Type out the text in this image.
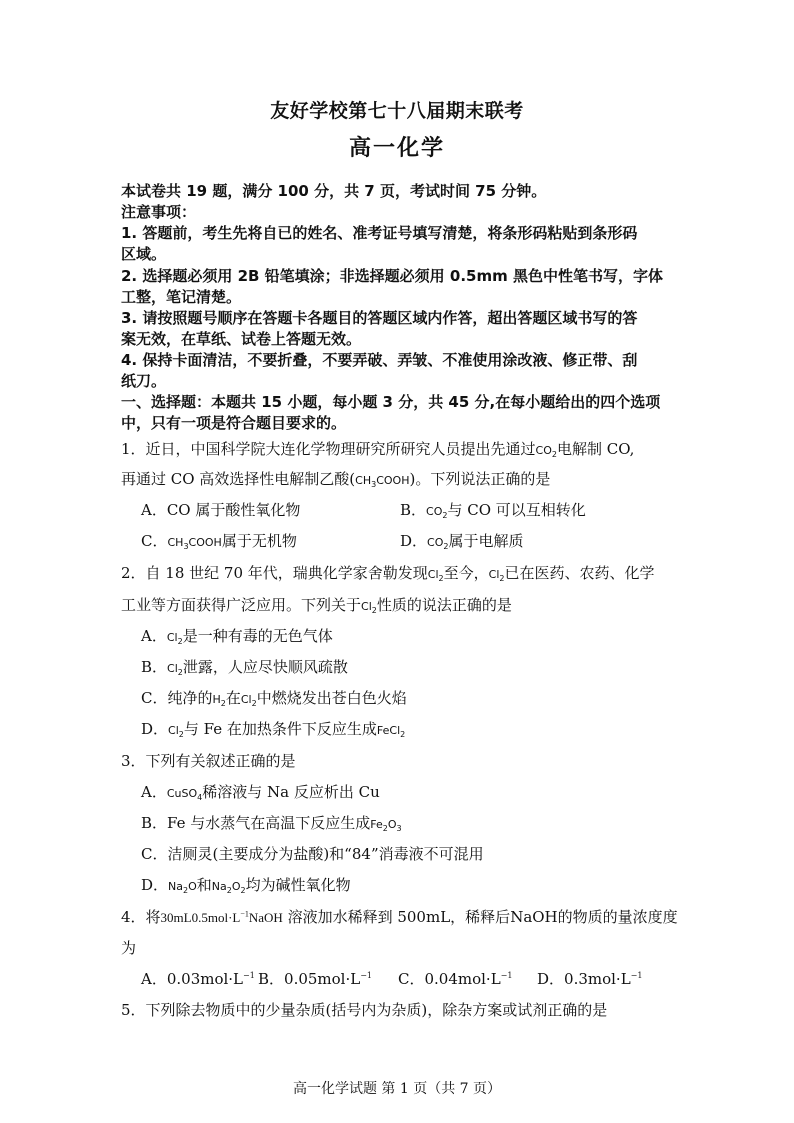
友好学校第七十八届期末联考
高一化学
本试卷共 19 题，满分 100 分，共 7 页，考试时间 75 分钟。
注意事项：
1. 答题前，考生先将自已的姓名、准考证号填写清楚，将条形码粘贴到条形码
区域。
2. 选择题必须用 2B 铅笔填涂；非选择题必须用 0.5mm 黑色中性笔书写，字体
工整，笔记清楚。
3. 请按照题号顺序在答题卡各题目的答题区域内作答，超出答题区域书写的答
案无效，在草纸、试卷上答题无效。
4. 保持卡面清洁，不要折叠，不要弄破、弄皱、不准使用涂改液、修正带、刮
纸刀。
一、选择题：本题共 15 小题，每小题 3 分，共 45 分,在每小题给出的四个选项
中，只有一项是符合题目要求的。
1．近日，中国科学院大连化学物理研究所研究人员提出先通过$CO_2$电解制 CO,
再通过 CO 高效选择性电解制乙酸$(CH_3COOH)$。下列说法正确的是
A．CO 属于酸性氧化物	B．$CO_2$与 CO 可以互相转化
C．$CH_3COOH$属于无机物	D．$CO_2$属于电解质
2．自 18 世纪 70 年代，瑞典化学家舍勒发现$Cl_2$至今，$Cl_2$已在医药、农药、化学
工业等方面获得广泛应用。下列关于$Cl_2$性质的说法正确的是
A．$Cl_2$是一种有毒的无色气体
B．$Cl_2$泄露，人应尽快顺风疏散
C．纯净的$H_2$在$Cl_2$中燃烧发出苍白色火焰
D．$Cl_2$与 Fe 在加热条件下反应生成FeCl$_2$
3．下列有关叙述正确的是
A．CuSO$_4$稀溶液与 Na 反应析出 Cu
B．Fe 与水蒸气在高温下反应生成$Fe_2O_3$
C．洁厕灵(主要成分为盐酸)和“84”消毒液不可混用
D．$Na_2O$和$Na_2O_2$均为碱性氧化物
4．将$30mL0.5mol\cdot L^{-1}NaOH$ 溶液加水稀释到 500mL，稀释后NaOH的物质的量浓度度
为
A．$0.03mol\cdot L^{-1}$ B．$0.05mol\cdot L^{-1}$ C．$0.04mol\cdot L^{-1}$ D．$0.3mol\cdot L^{-1}$
5．下列除去物质中的少量杂质(括号内为杂质)，除杂方案或试剂正确的是
高一化学试题 第 1 页（共 7 页）
